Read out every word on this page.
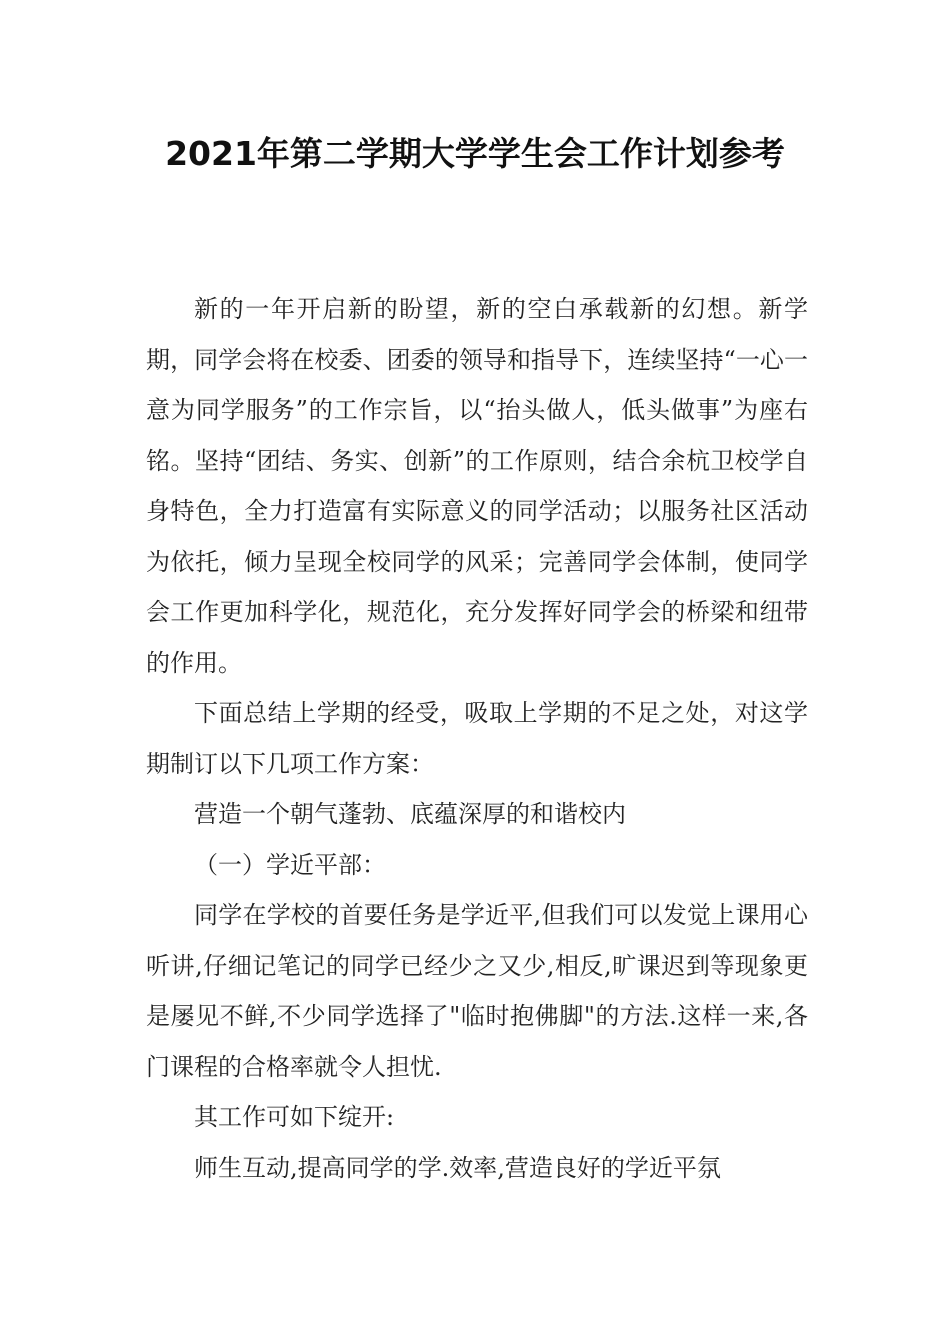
2021年第二学期大学学生会工作计划参考

新的一年开启新的盼望，新的空白承载新的幻想。新学期，同学会将在校委、团委的领导和指导下，连续坚持“一心一意为同学服务”的工作宗旨，以“抬头做人，低头做事”为座右铭。坚持“团结、务实、创新”的工作原则，结合余杭卫校学自身特色，全力打造富有实际意义的同学活动；以服务社区活动为依托，倾力呈现全校同学的风采；完善同学会体制，使同学会工作更加科学化，规范化，充分发挥好同学会的桥梁和纽带的作用。

下面总结上学期的经受，吸取上学期的不足之处，对这学期制订以下几项工作方案：

营造一个朝气蓬勃、底蕴深厚的和谐校内

（一）学近平部：

同学在学校的首要任务是学近平,但我们可以发觉上课用心听讲,仔细记笔记的同学已经少之又少,相反,旷课迟到等现象更是屡见不鲜,不少同学选择了"临时抱佛脚"的方法.这样一来,各门课程的合格率就令人担忧.

其工作可如下绽开:

师生互动,提高同学的学.效率,营造良好的学近平氛
